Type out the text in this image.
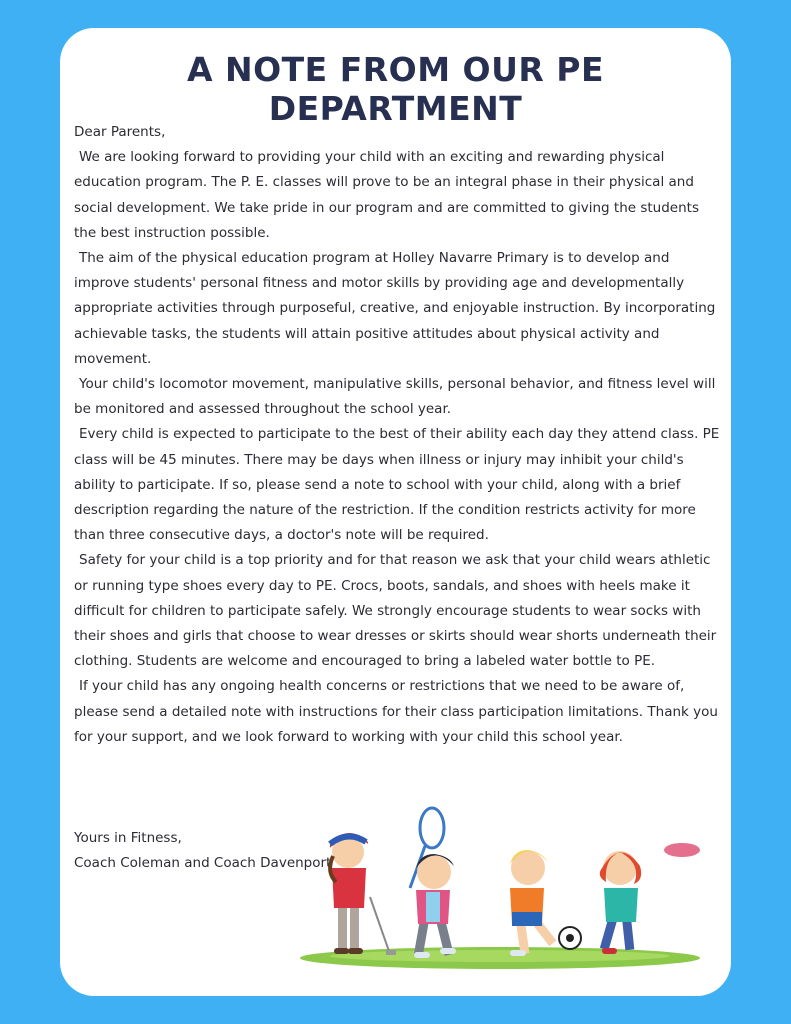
A NOTE FROM OUR PE DEPARTMENT

Dear Parents,

We are looking forward to providing your child with an exciting and rewarding physical education program. The P. E. classes will prove to be an integral phase in their physical and social development. We take pride in our program and are committed to giving the students the best instruction possible.

The aim of the physical education program at Holley Navarre Primary is to develop and improve students' personal fitness and motor skills by providing age and developmentally appropriate activities through purposeful, creative, and enjoyable instruction. By incorporating achievable tasks, the students will attain positive attitudes about physical activity and movement.

Your child's locomotor movement, manipulative skills, personal behavior, and fitness level will be monitored and assessed throughout the school year.

Every child is expected to participate to the best of their ability each day they attend class. PE class will be 45 minutes. There may be days when illness or injury may inhibit your child's ability to participate. If so, please send a note to school with your child, along with a brief description regarding the nature of the restriction. If the condition restricts activity for more than three consecutive days, a doctor's note will be required.

Safety for your child is a top priority and for that reason we ask that your child wears athletic or running type shoes every day to PE. Crocs, boots, sandals, and shoes with heels make it difficult for children to participate safely. We strongly encourage students to wear socks with their shoes and girls that choose to wear dresses or skirts should wear shorts underneath their clothing. Students are welcome and encouraged to bring a labeled water bottle to PE.

If your child has any ongoing health concerns or restrictions that we need to be aware of, please send a detailed note with instructions for their class participation limitations. Thank you for your support, and we look forward to working with your child this school year.

Yours in Fitness,

Coach Coleman and Coach Davenport
